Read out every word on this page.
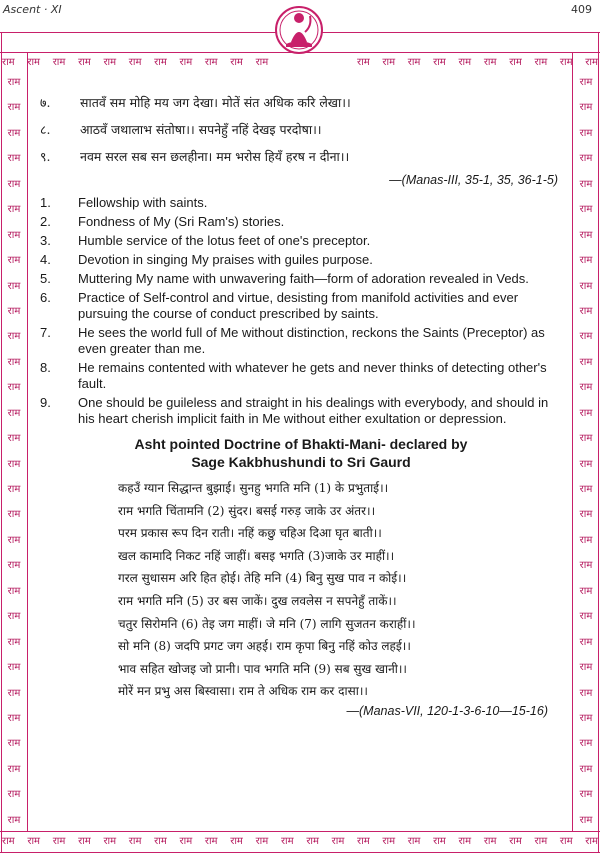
Ascent · XI	409
राम राम राम राम राम राम राम राम राम राम राम	राम राम राम राम राम राम राम राम राम राम
राम राम राम राम राम राम राम राम राम राम राम राम राम राम राम राम राम राम राम राम राम राम राम राम
राम
राम
राम
राम
राम
राम
राम
राम
राम
राम
राम
राम
राम
राम
राम
राम
राम
राम
राम
राम
राम
राम
राम
राम
राम
राम
राम
राम
राम
राम
राम
राम
राम
राम
राम
राम
राम
राम
राम
राम
राम
राम
राम
राम
राम
राम
राम
राम
राम
राम
राम
राम
राम
राम
राम
राम
राम
राम
राम
राम
७.	सातवँ सम मोहि मय जग देखा। मोतें संत अधिक करि लेखा।।
८.	आठवँ जथालाभ संतोषा।। सपनेहुँ नहिं देखइ परदोषा।।
९.	नवम सरल सब सन छलहीना। मम भरोस हियँ हरष न दीना।।
—(Manas-III, 35-1, 35, 36-1-5)
1. Fellowship with saints.
2. Fondness of My (Sri Ram's) stories.
3. Humble service of the lotus feet of one's preceptor.
4. Devotion in singing My praises with guiles purpose.
5. Muttering My name with unwavering faith—form of adoration revealed in Veds.
6. Practice of Self-control and virtue, desisting from manifold activities and ever pursuing the course of conduct prescribed by saints.
7. He sees the world full of Me without distinction, reckons the Saints (Preceptor) as even greater than me.
8. He remains contented with whatever he gets and never thinks of detecting other's fault.
9. One should be guileless and straight in his dealings with everybody, and should in his heart cherish implicit faith in Me without either exultation or depression.
Asht pointed Doctrine of Bhakti-Mani- declared by
Sage Kakbhushundi to Sri Gaurd
कहउँ ग्यान सिद्धान्त बुझाई। सुनहु भगति मनि (1) के प्रभुताई।।
राम भगति चिंतामनि (2) सुंदर। बसई गरुड़ जाके उर अंतर।।
परम प्रकास रूप दिन राती। नहिं कछु चहिअ दिआ घृत बाती।।
खल कामादि निकट नहिं जाहीं। बसइ भगति (3)जाके उर माहीं।।
गरल सुधासम अरि हित होई। तेहि मनि (4) बिनु सुख पाव न कोई।।
राम भगति मनि (5) उर बस जाकें। दुख लवलेस न सपनेहुँ ताकें।।
चतुर सिरोमनि (6) तेइ जग माहीं। जे मनि (7) लागि सुजतन कराहीं।।
सो मनि (8) जदपि प्रगट जग अहई। राम कृपा बिनु नहिं कोउ लहई।।
भाव सहित खोजइ जो प्रानी। पाव भगति मनि (9) सब सुख खानी।।
मोरें मन प्रभु अस बिस्वासा। राम ते अधिक राम कर दासा।।
—(Manas-VII, 120-1-3-6-10—15-16)
